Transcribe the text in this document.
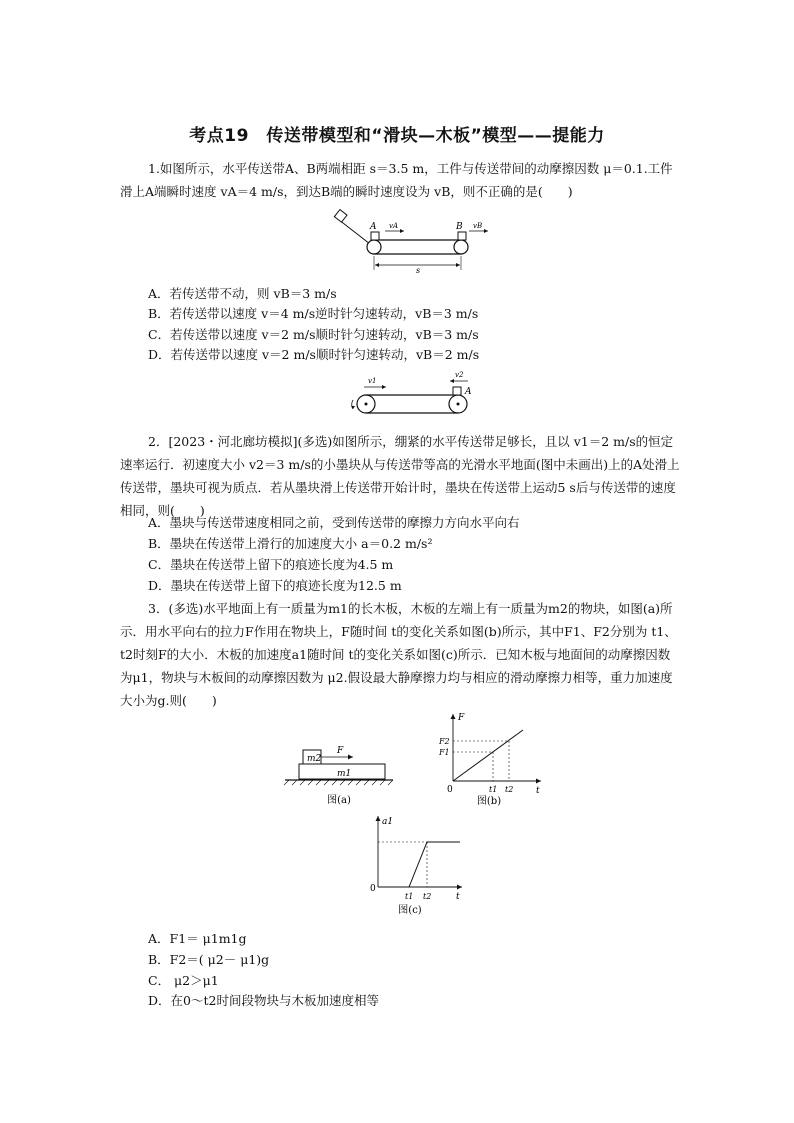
考点19　传送带模型和“滑块—木板”模型——提能力

1.如图所示，水平传送带A、B两端相距 s＝3.5 m，工件与传送带间的动摩擦因数 μ＝0.1.工件滑上A端瞬时速度 vA＝4 m/s，到达B端的瞬时速度设为 vB，则不正确的是(　　)

A	B
vA	vB
s
A．若传送带不动，则 vB＝3 m/s
B．若传送带以速度 v＝4 m/s逆时针匀速转动，vB＝3 m/s
C．若传送带以速度 v＝2 m/s顺时针匀速转动，vB＝3 m/s
D．若传送带以速度 v＝2 m/s顺时针匀速转动，vB＝2 m/s
A
v1
v2

2．[2023・河北廊坊模拟](多选)如图所示，绷紧的水平传送带足够长，且以 v1＝2 m/s的恒定速率运行．初速度大小 v2＝3 m/s的小墨块从与传送带等高的光滑水平地面(图中未画出)上的A处滑上传送带，墨块可视为质点．若从墨块滑上传送带开始计时，墨块在传送带上运动5 s后与传送带的速度相同，则(　　)

A．墨块与传送带速度相同之前，受到传送带的摩擦力方向水平向右
B．墨块在传送带上滑行的加速度大小 a＝0.2 m/s²
C．墨块在传送带上留下的痕迹长度为4.5 m
D．墨块在传送带上留下的痕迹长度为12.5 m

3．(多选)水平地面上有一质量为m1的长木板，木板的左端上有一质量为m2的物块，如图(a)所示．用水平向右的拉力F作用在物块上，F随时间 t的变化关系如图(b)所示，其中F1、F2分别为 t1、t2时刻F的大小．木板的加速度a1随时间 t的变化关系如图(c)所示．已知木板与地面间的动摩擦因数为μ1，物块与木板间的动摩擦因数为 μ2.假设最大静摩擦力均与相应的滑动摩擦力相等，重力加速度大小为g.则(　　)

m2
m1
F
图(a)
F
t
0
F2
F1
t1 t2
图(b)
a1
t
0
t1 t2
图(c)
A．F1＝ μ1m1g
B．F2＝( μ2－ μ1)g
C． μ2＞μ1
D．在0～t2时间段物块与木板加速度相等
